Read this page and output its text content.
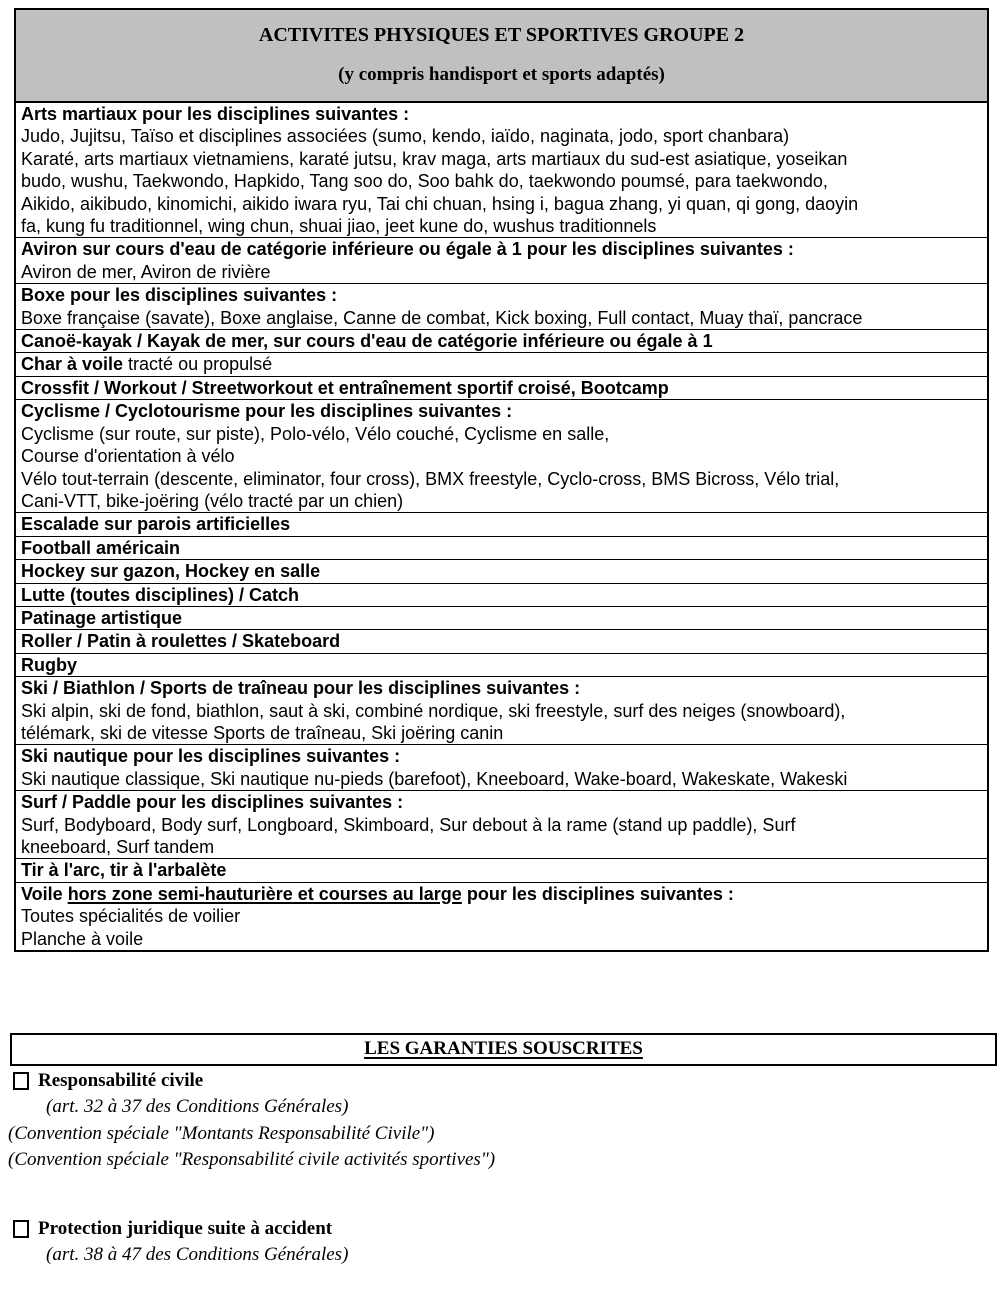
ACTIVITES PHYSIQUES ET SPORTIVES GROUPE 2
(y compris handisport et sports adaptés)
Arts martiaux pour les disciplines suivantes :
Judo, Jujitsu, Taïso et disciplines associées (sumo, kendo, iaïdo, naginata, jodo, sport chanbara)
Karaté, arts martiaux vietnamiens, karaté jutsu, krav maga, arts martiaux du sud-est asiatique, yoseikan
budo, wushu, Taekwondo, Hapkido, Tang soo do, Soo bahk do, taekwondo poumsé, para taekwondo,
Aikido, aikibudo, kinomichi, aikido iwara ryu, Tai chi chuan, hsing i, bagua zhang, yi quan, qi gong, daoyin
fa, kung fu traditionnel, wing chun, shuai jiao, jeet kune do, wushus traditionnels
Aviron sur cours d'eau de catégorie inférieure ou égale à 1 pour les disciplines suivantes :
Aviron de mer, Aviron de rivière
Boxe pour les disciplines suivantes :
Boxe française (savate), Boxe anglaise, Canne de combat, Kick boxing, Full contact, Muay thaï, pancrace
Canoë-kayak / Kayak de mer, sur cours d'eau de catégorie inférieure ou égale à 1
Char à voile tracté ou propulsé
Crossfit / Workout / Streetworkout et entraînement sportif croisé, Bootcamp
Cyclisme / Cyclotourisme pour les disciplines suivantes :
Cyclisme (sur route, sur piste), Polo-vélo, Vélo couché, Cyclisme en salle,
Course d'orientation à vélo
Vélo tout-terrain (descente, eliminator, four cross), BMX freestyle, Cyclo-cross, BMS Bicross, Vélo trial,
Cani-VTT, bike-joëring (vélo tracté par un chien)
Escalade sur parois artificielles
Football américain
Hockey sur gazon, Hockey en salle
Lutte (toutes disciplines) / Catch
Patinage artistique
Roller / Patin à roulettes / Skateboard
Rugby
Ski / Biathlon / Sports de traîneau pour les disciplines suivantes :
Ski alpin, ski de fond, biathlon, saut à ski, combiné nordique, ski freestyle, surf des neiges (snowboard),
télémark, ski de vitesse Sports de traîneau, Ski joëring canin
Ski nautique pour les disciplines suivantes :
Ski nautique classique, Ski nautique nu-pieds (barefoot), Kneeboard, Wake-board, Wakeskate, Wakeski
Surf / Paddle pour les disciplines suivantes :
Surf, Bodyboard, Body surf, Longboard, Skimboard, Sur debout à la rame (stand up paddle), Surf
kneeboard, Surf tandem
Tir à l'arc, tir à l'arbalète
Voile hors zone semi-hauturière et courses au large pour les disciplines suivantes :
Toutes spécialités de voilier
Planche à voile
LES GARANTIES SOUSCRITES
Responsabilité civile
(art. 32 à 37 des Conditions Générales)
(Convention spéciale "Montants Responsabilité Civile")
(Convention spéciale "Responsabilité civile activités sportives")
Protection juridique suite à accident
(art. 38 à 47 des Conditions Générales)
